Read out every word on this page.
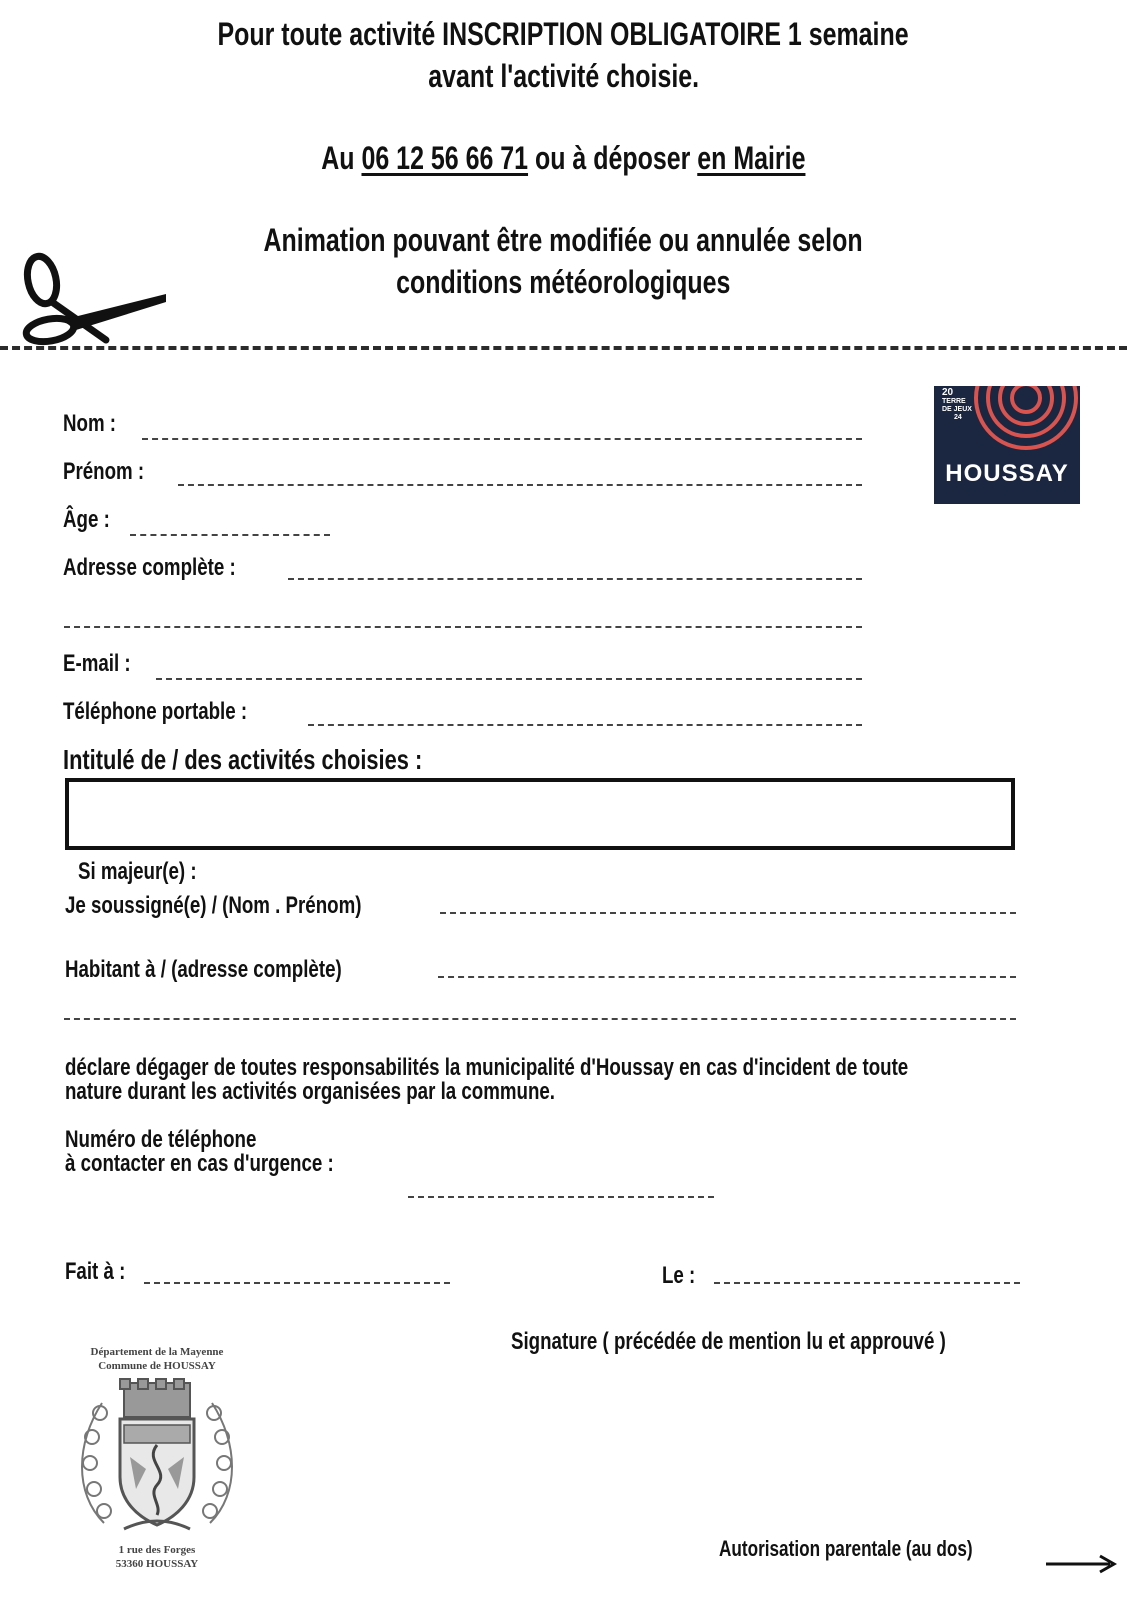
Pour toute activité INSCRIPTION OBLIGATOIRE 1 semaine
avant l'activité choisie.
Au 06 12 56 66 71 ou à déposer en Mairie
Animation pouvant être modifiée ou annulée selon
conditions météorologiques
20
TERRE
DE JEUX
24
HOUSSAY
Nom :
Prénom :
Âge :
Adresse complète :
E-mail :
Téléphone portable :
Intitulé de / des activités choisies :
Si majeur(e) :
Je soussigné(e) / (Nom . Prénom)
Habitant à / (adresse complète)
déclare dégager de toutes responsabilités la municipalité d'Houssay en cas d'incident de toute
nature durant les activités organisées par la commune.
Numéro de téléphone
à contacter en cas d'urgence :
Fait à :	Le :
Signature ( précédée de mention lu et approuvé )
Département de la Mayenne
Commune de HOUSSAY
1 rue des Forges
53360 HOUSSAY
Autorisation parentale (au dos)
